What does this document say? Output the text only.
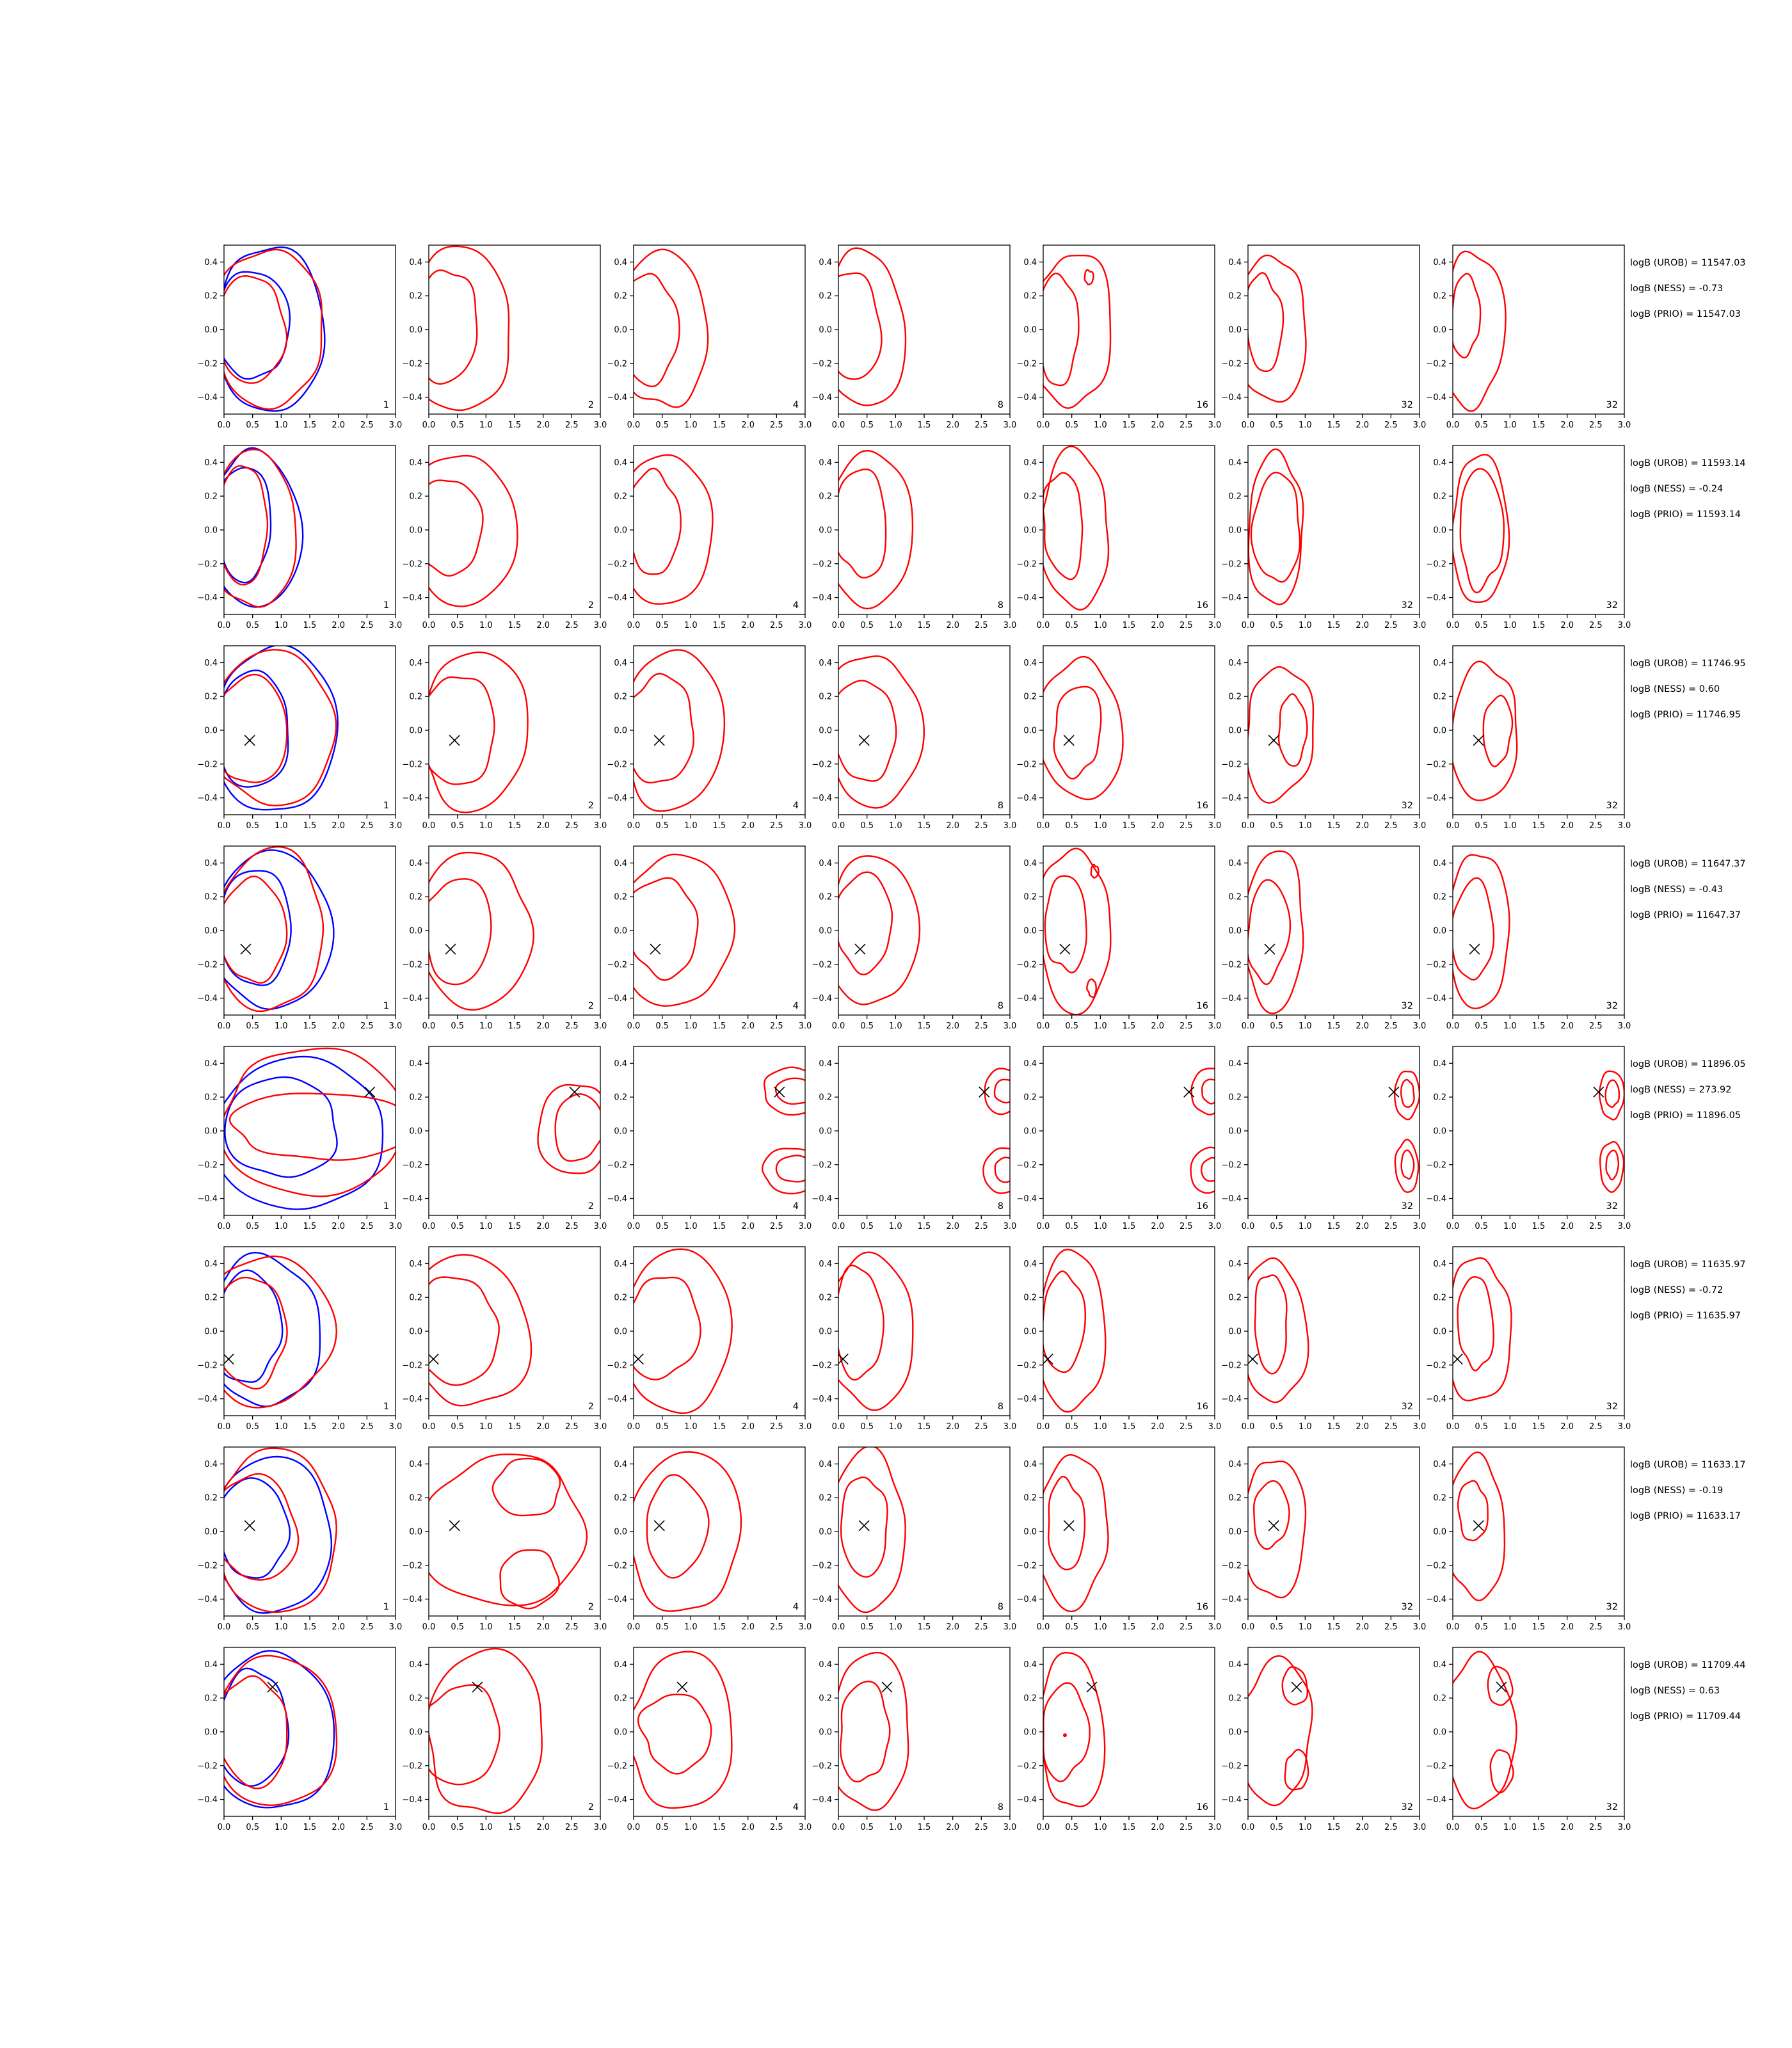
0.0 0.5 1.0 1.5 2.0 2.5 3.0
0.4
0.2
0.0
−0.2
−0.4
1
0.0 0.5 1.0 1.5 2.0 2.5 3.0
0.4
0.2
0.0
−0.2
−0.4
2
0.0 0.5 1.0 1.5 2.0 2.5 3.0
0.4
0.2
0.0
−0.2
−0.4
4
0.0 0.5 1.0 1.5 2.0 2.5 3.0
0.4
0.2
0.0
−0.2
−0.4
8
0.0 0.5 1.0 1.5 2.0 2.5 3.0
0.4
0.2
0.0
−0.2
−0.4
16
0.0 0.5 1.0 1.5 2.0 2.5 3.0
0.4
0.2
0.0
−0.2
−0.4
32
0.0 0.5 1.0 1.5 2.0 2.5 3.0
0.4
0.2
0.0
−0.2
−0.4
32
logB (UROB) = 11547.03
logB (NESS) = -0.73
logB (PRIO) = 11547.03
0.0 0.5 1.0 1.5 2.0 2.5 3.0
0.4
0.2
0.0
−0.2
−0.4
1
0.0 0.5 1.0 1.5 2.0 2.5 3.0
0.4
0.2
0.0
−0.2
−0.4
2
0.0 0.5 1.0 1.5 2.0 2.5 3.0
0.4
0.2
0.0
−0.2
−0.4
4
0.0 0.5 1.0 1.5 2.0 2.5 3.0
0.4
0.2
0.0
−0.2
−0.4
8
0.0 0.5 1.0 1.5 2.0 2.5 3.0
0.4
0.2
0.0
−0.2
−0.4
16
0.0 0.5 1.0 1.5 2.0 2.5 3.0
0.4
0.2
0.0
−0.2
−0.4
32
0.0 0.5 1.0 1.5 2.0 2.5 3.0
0.4
0.2
0.0
−0.2
−0.4
32
logB (UROB) = 11593.14
logB (NESS) = -0.24
logB (PRIO) = 11593.14
0.0 0.5 1.0 1.5 2.0 2.5 3.0
0.4
0.2
0.0
−0.2
−0.4
1
0.0 0.5 1.0 1.5 2.0 2.5 3.0
0.4
0.2
0.0
−0.2
−0.4
2
0.0 0.5 1.0 1.5 2.0 2.5 3.0
0.4
0.2
0.0
−0.2
−0.4
4
0.0 0.5 1.0 1.5 2.0 2.5 3.0
0.4
0.2
0.0
−0.2
−0.4
8
0.0 0.5 1.0 1.5 2.0 2.5 3.0
0.4
0.2
0.0
−0.2
−0.4
16
0.0 0.5 1.0 1.5 2.0 2.5 3.0
0.4
0.2
0.0
−0.2
−0.4
32
0.0 0.5 1.0 1.5 2.0 2.5 3.0
0.4
0.2
0.0
−0.2
−0.4
32
logB (UROB) = 11746.95
logB (NESS) = 0.60
logB (PRIO) = 11746.95
0.0 0.5 1.0 1.5 2.0 2.5 3.0
0.4
0.2
0.0
−0.2
−0.4
1
0.0 0.5 1.0 1.5 2.0 2.5 3.0
0.4
0.2
0.0
−0.2
−0.4
2
0.0 0.5 1.0 1.5 2.0 2.5 3.0
0.4
0.2
0.0
−0.2
−0.4
4
0.0 0.5 1.0 1.5 2.0 2.5 3.0
0.4
0.2
0.0
−0.2
−0.4
8
0.0 0.5 1.0 1.5 2.0 2.5 3.0
0.4
0.2
0.0
−0.2
−0.4
16
0.0 0.5 1.0 1.5 2.0 2.5 3.0
0.4
0.2
0.0
−0.2
−0.4
32
0.0 0.5 1.0 1.5 2.0 2.5 3.0
0.4
0.2
0.0
−0.2
−0.4
32
logB (UROB) = 11647.37
logB (NESS) = -0.43
logB (PRIO) = 11647.37
0.0 0.5 1.0 1.5 2.0 2.5 3.0
0.4
0.2
0.0
−0.2
−0.4
1
0.0 0.5 1.0 1.5 2.0 2.5 3.0
0.4
0.2
0.0
−0.2
−0.4
2
0.0 0.5 1.0 1.5 2.0 2.5 3.0
0.4
0.2
0.0
−0.2
−0.4
4
0.0 0.5 1.0 1.5 2.0 2.5 3.0
0.4
0.2
0.0
−0.2
−0.4
8
0.0 0.5 1.0 1.5 2.0 2.5 3.0
0.4
0.2
0.0
−0.2
−0.4
16
0.0 0.5 1.0 1.5 2.0 2.5 3.0
0.4
0.2
0.0
−0.2
−0.4
32
0.0 0.5 1.0 1.5 2.0 2.5 3.0
0.4
0.2
0.0
−0.2
−0.4
32
logB (UROB) = 11896.05
logB (NESS) = 273.92
logB (PRIO) = 11896.05
0.0 0.5 1.0 1.5 2.0 2.5 3.0
0.4
0.2
0.0
−0.2
−0.4
1
0.0 0.5 1.0 1.5 2.0 2.5 3.0
0.4
0.2
0.0
−0.2
−0.4
2
0.0 0.5 1.0 1.5 2.0 2.5 3.0
0.4
0.2
0.0
−0.2
−0.4
4
0.0 0.5 1.0 1.5 2.0 2.5 3.0
0.4
0.2
0.0
−0.2
−0.4
8
0.0 0.5 1.0 1.5 2.0 2.5 3.0
0.4
0.2
0.0
−0.2
−0.4
16
0.0 0.5 1.0 1.5 2.0 2.5 3.0
0.4
0.2
0.0
−0.2
−0.4
32
0.0 0.5 1.0 1.5 2.0 2.5 3.0
0.4
0.2
0.0
−0.2
−0.4
32
logB (UROB) = 11635.97
logB (NESS) = -0.72
logB (PRIO) = 11635.97
0.0 0.5 1.0 1.5 2.0 2.5 3.0
0.4
0.2
0.0
−0.2
−0.4
1
0.0 0.5 1.0 1.5 2.0 2.5 3.0
0.4
0.2
0.0
−0.2
−0.4
2
0.0 0.5 1.0 1.5 2.0 2.5 3.0
0.4
0.2
0.0
−0.2
−0.4
4
0.0 0.5 1.0 1.5 2.0 2.5 3.0
0.4
0.2
0.0
−0.2
−0.4
8
0.0 0.5 1.0 1.5 2.0 2.5 3.0
0.4
0.2
0.0
−0.2
−0.4
16
0.0 0.5 1.0 1.5 2.0 2.5 3.0
0.4
0.2
0.0
−0.2
−0.4
32
0.0 0.5 1.0 1.5 2.0 2.5 3.0
0.4
0.2
0.0
−0.2
−0.4
32
logB (UROB) = 11633.17
logB (NESS) = -0.19
logB (PRIO) = 11633.17
0.0 0.5 1.0 1.5 2.0 2.5 3.0
0.4
0.2
0.0
−0.2
−0.4
1
0.0 0.5 1.0 1.5 2.0 2.5 3.0
0.4
0.2
0.0
−0.2
−0.4
2
0.0 0.5 1.0 1.5 2.0 2.5 3.0
0.4
0.2
0.0
−0.2
−0.4
4
0.0 0.5 1.0 1.5 2.0 2.5 3.0
0.4
0.2
0.0
−0.2
−0.4
8
0.0 0.5 1.0 1.5 2.0 2.5 3.0
0.4
0.2
0.0
−0.2
−0.4
16
0.0 0.5 1.0 1.5 2.0 2.5 3.0
0.4
0.2
0.0
−0.2
−0.4
32
0.0 0.5 1.0 1.5 2.0 2.5 3.0
0.4
0.2
0.0
−0.2
−0.4
32
logB (UROB) = 11709.44
logB (NESS) = 0.63
logB (PRIO) = 11709.44
